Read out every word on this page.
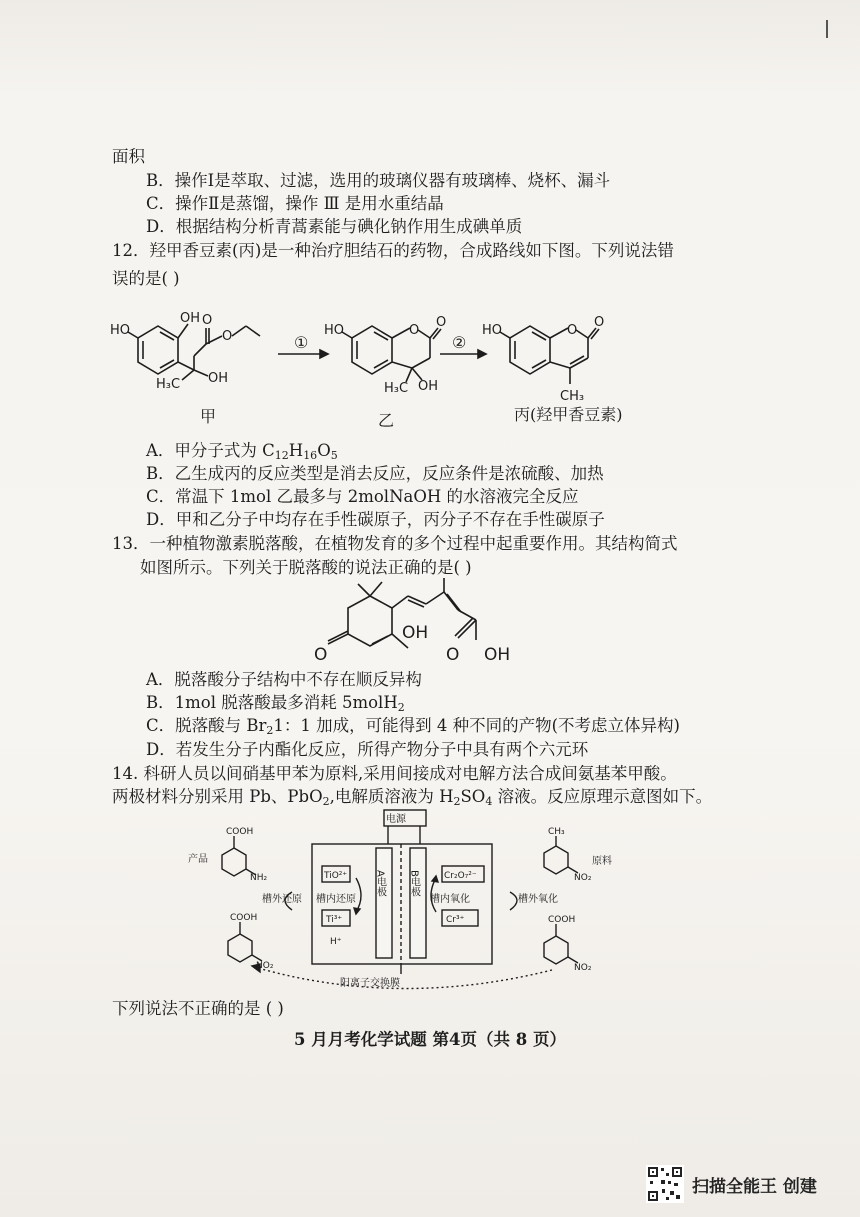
面积
B．操作Ⅰ是萃取、过滤，选用的玻璃仪器有玻璃棒、烧杯、漏斗
C．操作Ⅱ是蒸馏，操作 Ⅲ 是用水重结晶
D．根据结构分析青蒿素能与碘化钠作用生成碘单质
12．羟甲香豆素(丙)是一种治疗胆结石的药物，合成路线如下图。下列说法错
误的是( )
HO
OH O
O
H₃C OH
HO	O
O
H₃C OH
HO	O
O
CH₃
①	②
甲	乙	丙(羟甲香豆素)
A．甲分子式为 $C_{12}H_{16}O_5$
B．乙生成丙的反应类型是消去反应，反应条件是浓硫酸、加热
C．常温下 1mol 乙最多与 2molNaOH 的水溶液完全反应
D．甲和乙分子中均存在手性碳原子，丙分子不存在手性碳原子
13．一种植物激素脱落酸，在植物发育的多个过程中起重要作用。其结构简式
如图所示。下列关于脱落酸的说法正确的是( )
OH
O	O OH
A．脱落酸分子结构中不存在顺反异构
B．1mol 脱落酸最多消耗 5molH$_2$
C．脱落酸与 $Br_21$：1 加成，可能得到 4 种不同的产物(不考虑立体异构)
D．若发生分子内酯化反应，所得产物分子中具有两个六元环
14. 科研人员以间硝基甲苯为原料,采用间接成对电解方法合成间氨基苯甲酸。
两极材料分别采用 Pb、PbO$_2$,电解质溶液为 $H_2SO_4$ 溶液。反应原理示意图如下。
电源
产品	原料
COOH
NH₂
COOH
NO₂
CH₃
NO₂
COOH
NO₂
TiO²⁺
Ti³⁺
H⁺
Cr₂O₇²⁻
Cr³⁺
槽外还原 槽内还原	槽内氧化	槽外氧化
阳离子交换膜
A电极 B电极
下列说法不正确的是 ( )
5 月月考化学试题 第4页（共 8 页）
扫描全能王 创建
